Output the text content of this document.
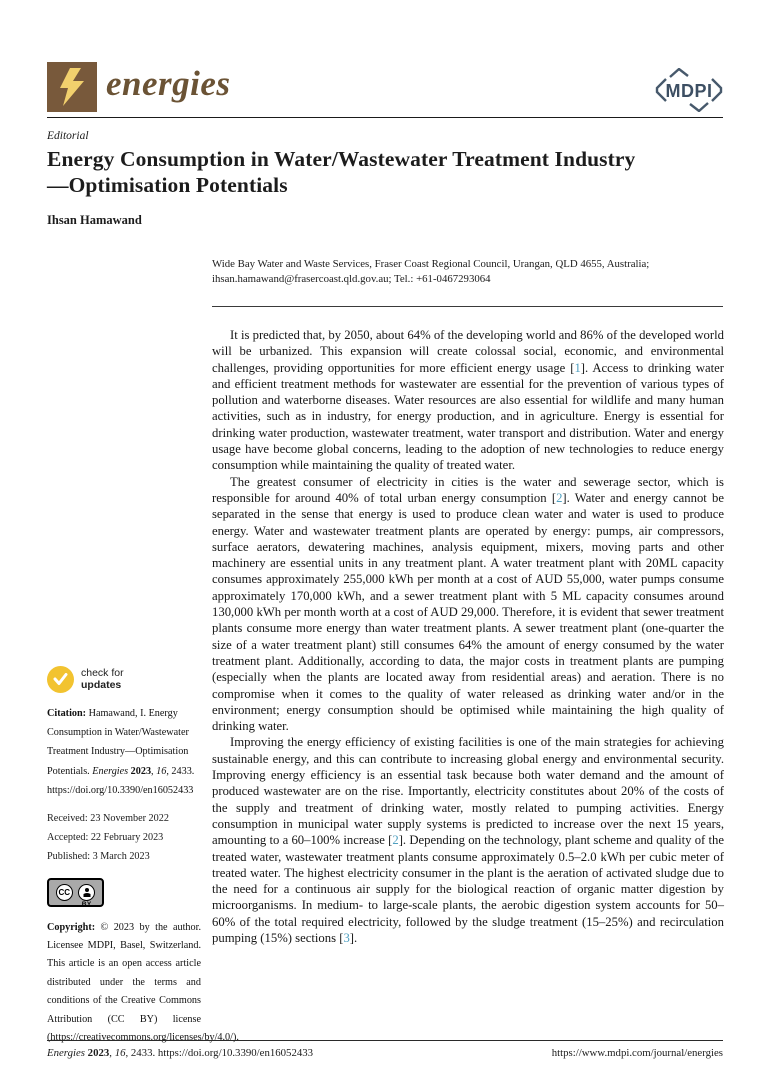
energies	MDPI
Editorial
Energy Consumption in Water/Wastewater Treatment Industry—Optimisation Potentials
Ihsan Hamawand
Wide Bay Water and Waste Services, Fraser Coast Regional Council, Urangan, QLD 4655, Australia; ihsan.hamawand@frasercoast.qld.gov.au; Tel.: +61-0467293064

It is predicted that, by 2050, about 64% of the developing world and 86% of the developed world will be urbanized. This expansion will create colossal social, economic, and environmental challenges, providing opportunities for more efficient energy usage [1]. Access to drinking water and efficient treatment methods for wastewater are essential for the prevention of various types of pollution and waterborne diseases. Water resources are also essential for wildlife and many human activities, such as in industry, for energy production, and in agriculture. Energy is essential for drinking water production, wastewater treatment, water transport and distribution. Water and energy usage have become global concerns, leading to the adoption of new technologies to reduce energy consumption while maintaining the quality of treated water.

The greatest consumer of electricity in cities is the water and sewerage sector, which is responsible for around 40% of total urban energy consumption [2]. Water and energy cannot be separated in the sense that energy is used to produce clean water and water is used to produce energy. Water and wastewater treatment plants are operated by energy: pumps, air compressors, surface aerators, dewatering machines, analysis equipment, mixers, moving parts and other machinery are essential units in any treatment plant. A water treatment plant with 20ML capacity consumes approximately 255,000 kWh per month at a cost of AUD 55,000, water pumps consume approximately 170,000 kWh, and a sewer treatment plant with 5 ML capacity consumes around 130,000 kWh per month worth at a cost of AUD 29,000. Therefore, it is evident that sewer treatment plants consume more energy than water treatment plants. A sewer treatment plant (one-quarter the size of a water treatment plant) still consumes 64% the amount of energy consumed by the water treatment plant. Additionally, according to data, the major costs in treatment plants are pumping (especially when the plants are located away from residential areas) and aeration. There is no compromise when it comes to the quality of water released as drinking water and/or in the environment; energy consumption should be optimised while maintaining the high quality of drinking water.

Improving the energy efficiency of existing facilities is one of the main strategies for achieving sustainable energy, and this can contribute to increasing global energy and environmental security. Improving energy efficiency is an essential task because both water demand and the amount of produced wastewater are on the rise. Importantly, electricity constitutes about 20% of the costs of the supply and treatment of drinking water, mostly related to pumping activities. Energy consumption in municipal water supply systems is predicted to increase over the next 15 years, amounting to a 60–100% increase [2]. Depending on the technology, plant scheme and quality of the treated water, wastewater treatment plants consume approximately 0.5–2.0 kWh per cubic meter of treated water. The highest electricity consumer in the plant is the aeration of activated sludge due to the need for a continuous air supply for the biological reaction of organic matter digestion by microorganisms. In medium- to large-scale plants, the aerobic digestion system accounts for 50–60% of the total required electricity, followed by the sludge treatment (15–25%) and recirculation pumping (15%) sections [3].

check for
updates
Citation: Hamawand, I. Energy Consumption in Water/Wastewater Treatment Industry—Optimisation Potentials. Energies 2023, 16, 2433. https://doi.org/10.3390/en16052433
Received: 23 November 2022
Accepted: 22 February 2023
Published: 3 March 2023
CC
BY
Copyright: © 2023 by the author. Licensee MDPI, Basel, Switzerland. This article is an open access article distributed under the terms and conditions of the Creative Commons Attribution (CC BY) license (https://creativecommons.org/licenses/by/4.0/).
Energies 2023, 16, 2433. https://doi.org/10.3390/en16052433	https://www.mdpi.com/journal/energies
